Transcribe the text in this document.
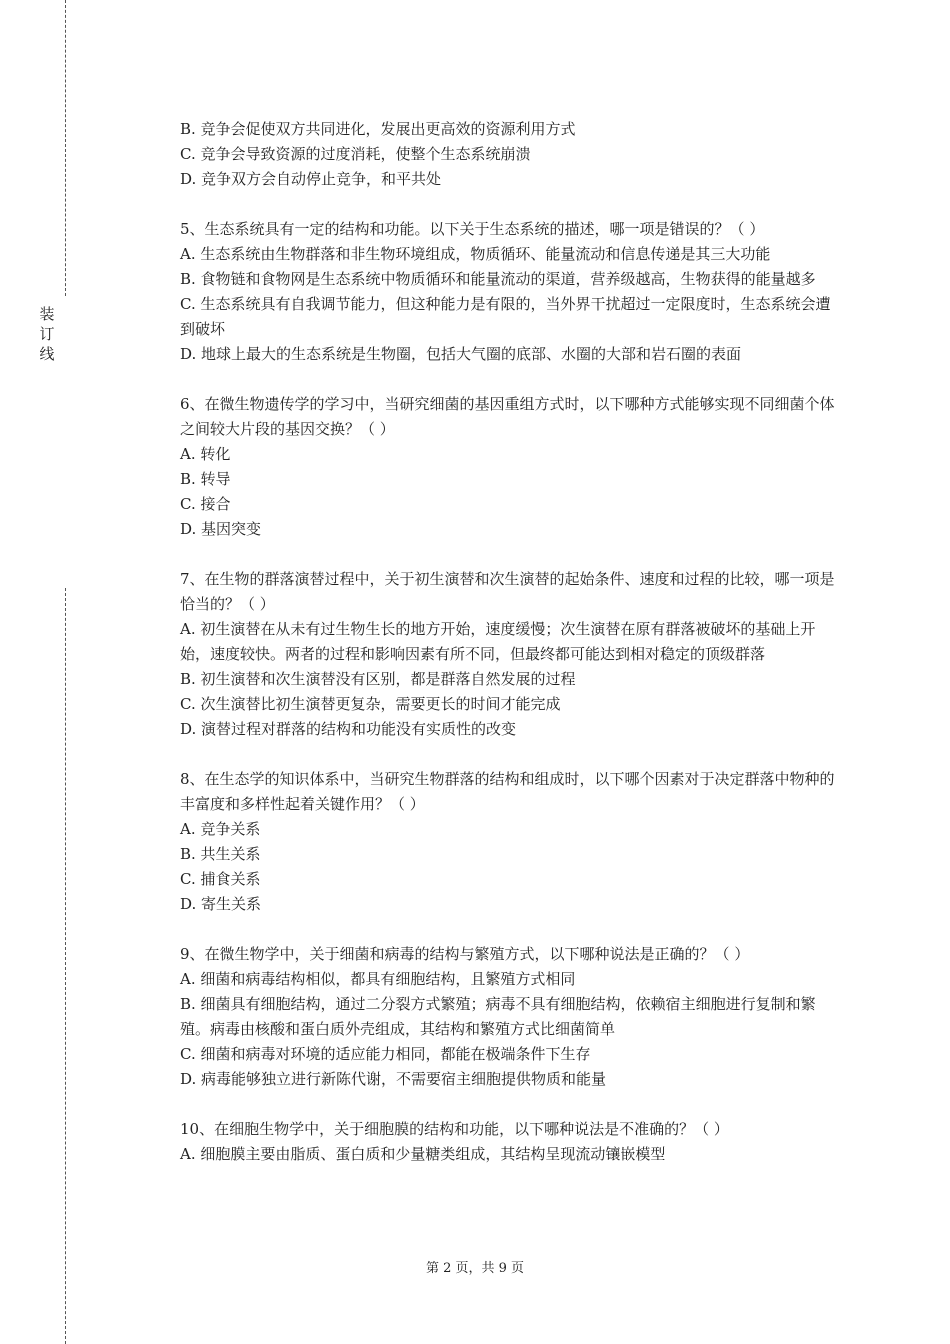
装
订
线
B. 竞争会促使双方共同进化，发展出更高效的资源利用方式
C. 竞争会导致资源的过度消耗，使整个生态系统崩溃
D. 竞争双方会自动停止竞争，和平共处
5、生态系统具有一定的结构和功能。以下关于生态系统的描述，哪一项是错误的？（ ）
A. 生态系统由生物群落和非生物环境组成，物质循环、能量流动和信息传递是其三大功能
B. 食物链和食物网是生态系统中物质循环和能量流动的渠道，营养级越高，生物获得的能量越多
C. 生态系统具有自我调节能力，但这种能力是有限的，当外界干扰超过一定限度时，生态系统会遭到破坏
D. 地球上最大的生态系统是生物圈，包括大气圈的底部、水圈的大部和岩石圈的表面
6、在微生物遗传学的学习中，当研究细菌的基因重组方式时，以下哪种方式能够实现不同细菌个体之间较大片段的基因交换？（ ）
A. 转化
B. 转导
C. 接合
D. 基因突变
7、在生物的群落演替过程中，关于初生演替和次生演替的起始条件、速度和过程的比较，哪一项是恰当的？（ ）
A. 初生演替在从未有过生物生长的地方开始，速度缓慢；次生演替在原有群落被破坏的基础上开始，速度较快。两者的过程和影响因素有所不同，但最终都可能达到相对稳定的顶级群落
B. 初生演替和次生演替没有区别，都是群落自然发展的过程
C. 次生演替比初生演替更复杂，需要更长的时间才能完成
D. 演替过程对群落的结构和功能没有实质性的改变
8、在生态学的知识体系中，当研究生物群落的结构和组成时，以下哪个因素对于决定群落中物种的丰富度和多样性起着关键作用？（ ）
A. 竞争关系
B. 共生关系
C. 捕食关系
D. 寄生关系
9、在微生物学中，关于细菌和病毒的结构与繁殖方式，以下哪种说法是正确的？（ ）
A. 细菌和病毒结构相似，都具有细胞结构，且繁殖方式相同
B. 细菌具有细胞结构，通过二分裂方式繁殖；病毒不具有细胞结构，依赖宿主细胞进行复制和繁殖。病毒由核酸和蛋白质外壳组成，其结构和繁殖方式比细菌简单
C. 细菌和病毒对环境的适应能力相同，都能在极端条件下生存
D. 病毒能够独立进行新陈代谢，不需要宿主细胞提供物质和能量
10、在细胞生物学中，关于细胞膜的结构和功能，以下哪种说法是不准确的？（ ）
A. 细胞膜主要由脂质、蛋白质和少量糖类组成，其结构呈现流动镶嵌模型
第 2 页，共 9 页
